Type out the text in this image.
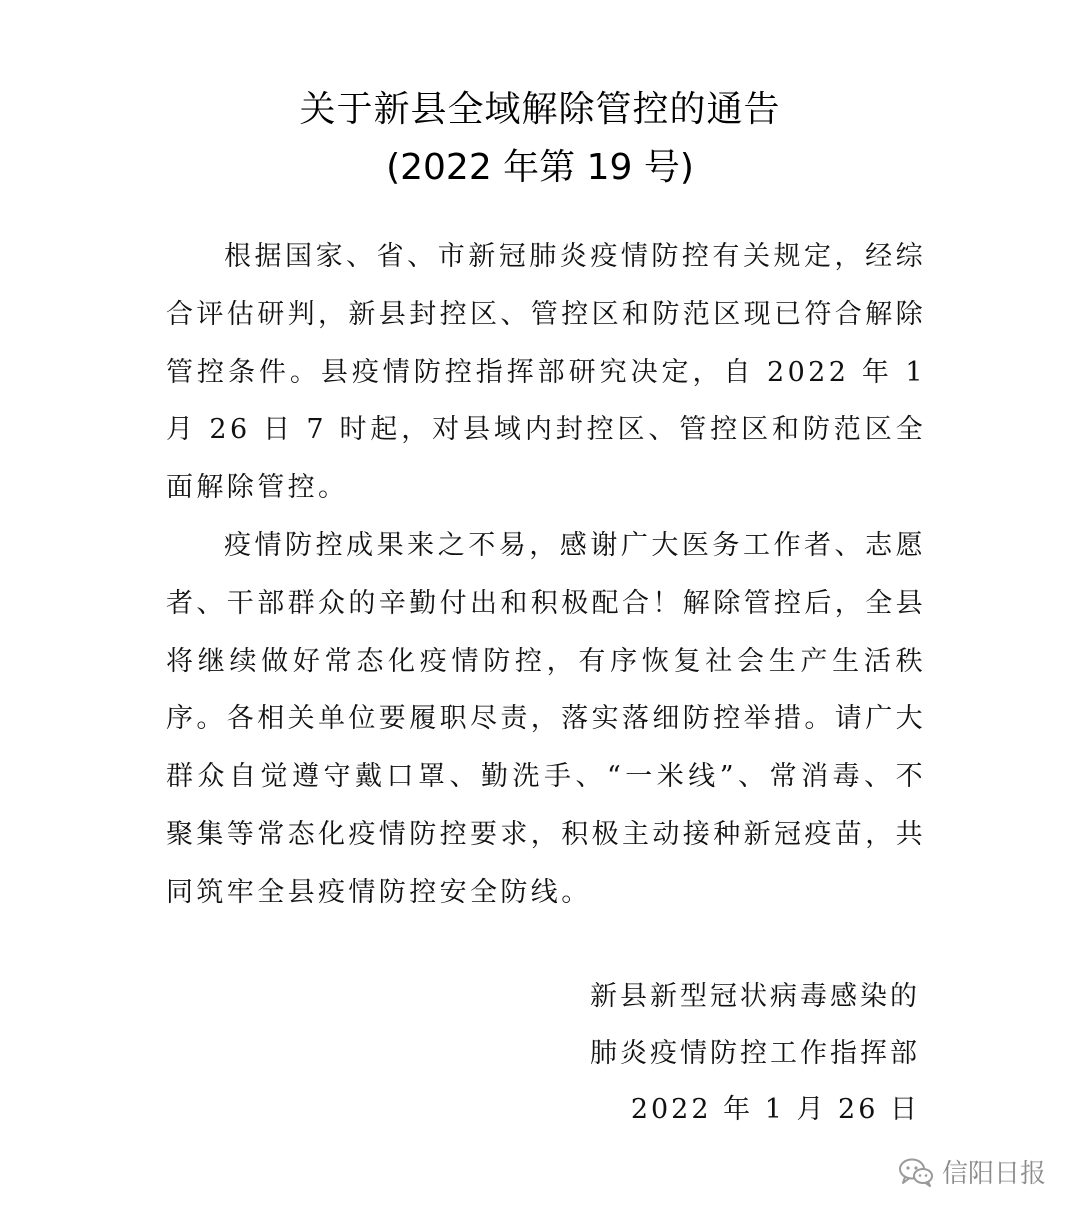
关于新县全域解除管控的通告
(2022 年第 19 号)

根据国家、省、市新冠肺炎疫情防控有关规定，经综合评估研判，新县封控区、管控区和防范区现已符合解除管控条件。县疫情防控指挥部研究决定，自 2022 年 1 月 26 日 7 时起，对县域内封控区、管控区和防范区全面解除管控。

疫情防控成果来之不易，感谢广大医务工作者、志愿者、干部群众的辛勤付出和积极配合！解除管控后，全县将继续做好常态化疫情防控，有序恢复社会生产生活秩序。各相关单位要履职尽责，落实落细防控举措。请广大群众自觉遵守戴口罩、勤洗手、“一米线”、常消毒、不聚集等常态化疫情防控要求，积极主动接种新冠疫苗，共同筑牢全县疫情防控安全防线。

新县新型冠状病毒感染的
肺炎疫情防控工作指挥部
2022 年 1 月 26 日
信阳日报
